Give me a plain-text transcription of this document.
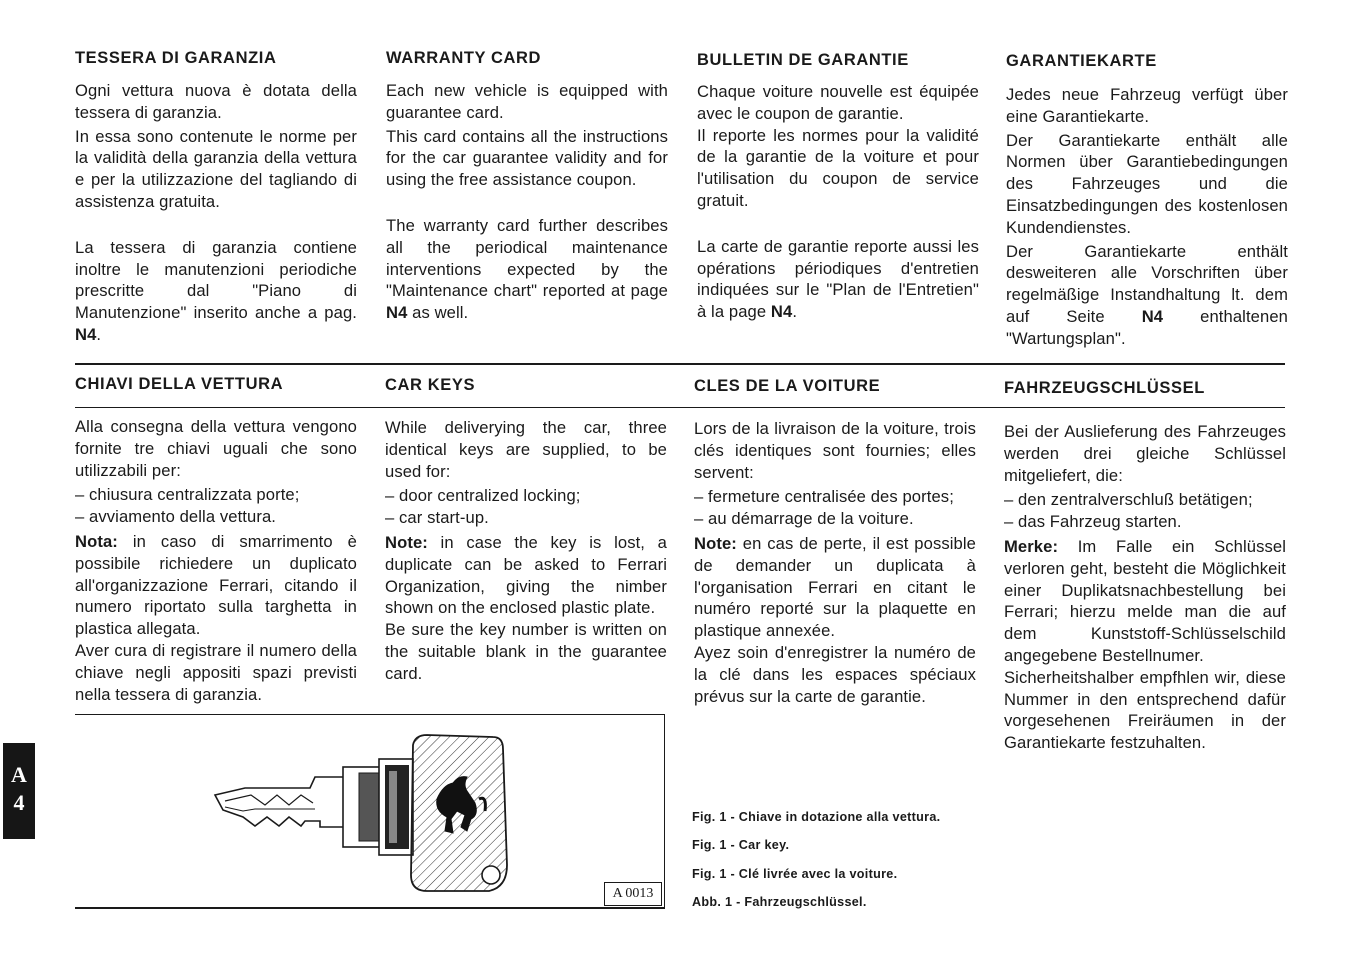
TESSERA DI GARANZIA

Ogni vettura nuova è dotata della tessera di garanzia.

In essa sono contenute le norme per la validità della garanzia della vettura e per la utilizzazione del tagliando di assistenza gratuita.

La tessera di garanzia contiene inoltre le manutenzioni periodiche prescritte dal "Piano di Manutenzione" inserito anche a pag. N4.

WARRANTY CARD

Each new vehicle is equipped with guarantee card.

This card contains all the instructions for the car guarantee validity and for using the free assistance coupon.

The warranty card further describes all the periodical maintenance interventions expected by the "Maintenance chart" reported at page N4 as well.

BULLETIN DE GARANTIE

Chaque voiture nouvelle est équipée avec le coupon de garantie.

Il reporte les normes pour la validité de la garantie de la voiture et pour l'utilisation du coupon de service gratuit.

La carte de garantie reporte aussi les opérations périodiques d'entretien indiquées sur le "Plan de l'Entretien" à la page N4.

GARANTIEKARTE

Jedes neue Fahrzeug verfügt über eine Garantiekarte.

Der Garantiekarte enthält alle Normen über Garantiebedingungen des Fahrzeuges und die Einsatzbedingungen des kostenlosen Kundendienstes.

Der Garantiekarte enthält desweiteren alle Vorschriften über regelmäßige Instandhaltung lt. dem auf Seite N4 enthaltenen "Wartungsplan".

CHIAVI DELLA VETTURA

Alla consegna della vettura vengono fornite tre chiavi uguali che sono utilizzabili per:

– chiusura centralizzata porte;
– avviamento della vettura.

Nota: in caso di smarrimento è possibile richiedere un duplicato all'organizzazione Ferrari, citando il numero riportato sulla targhetta in plastica allegata.

Aver cura di registrare il numero della chiave negli appositi spazi previsti nella tessera di garanzia.

CAR KEYS

While deliverying the car, three identical keys are supplied, to be used for:

– door centralized locking;
– car start-up.

Note: in case the key is lost, a duplicate can be asked to Ferrari Organization, giving the nimber shown on the enclosed plastic plate.

Be sure the key number is written on the suitable blank in the guarantee card.

CLES DE LA VOITURE

Lors de la livraison de la voiture, trois clés identiques sont fournies; elles servent:

– fermeture centralisée des portes;
– au démarrage de la voiture.

Note: en cas de perte, il est possible de demander un duplicata à l'organisation Ferrari en citant le numéro reporté sur la plaquette en plastique annexée.

Ayez soin d'enregistrer la numéro de la clé dans les espaces spéciaux prévus sur la carte de garantie.

FAHRZEUGSCHLÜSSEL

Bei der Auslieferung des Fahrzeuges werden drei gleiche Schlüssel mitgeliefert, die:

– den zentralverschluß betätigen;
– das Fahrzeug starten.

Merke: Im Falle ein Schlüssel verloren geht, besteht die Möglichkeit einer Duplikatsnachbestellung bei Ferrari; hierzu melde man die auf dem Kunststoff-Schlüsselschild angegebene Bestellnumer.

Sicherheitshalber empfhlen wir, diese Nummer in den entsprechend dafür vorgesehenen Freiräumen in der Garantiekarte festzuhalten.

A 0013
Fig. 1 - Chiave in dotazione alla vettura.
Fig. 1 - Car key.
Fig. 1 - Clé livrée avec la voiture.
Abb. 1 - Fahrzeugschlüssel.
A
4
